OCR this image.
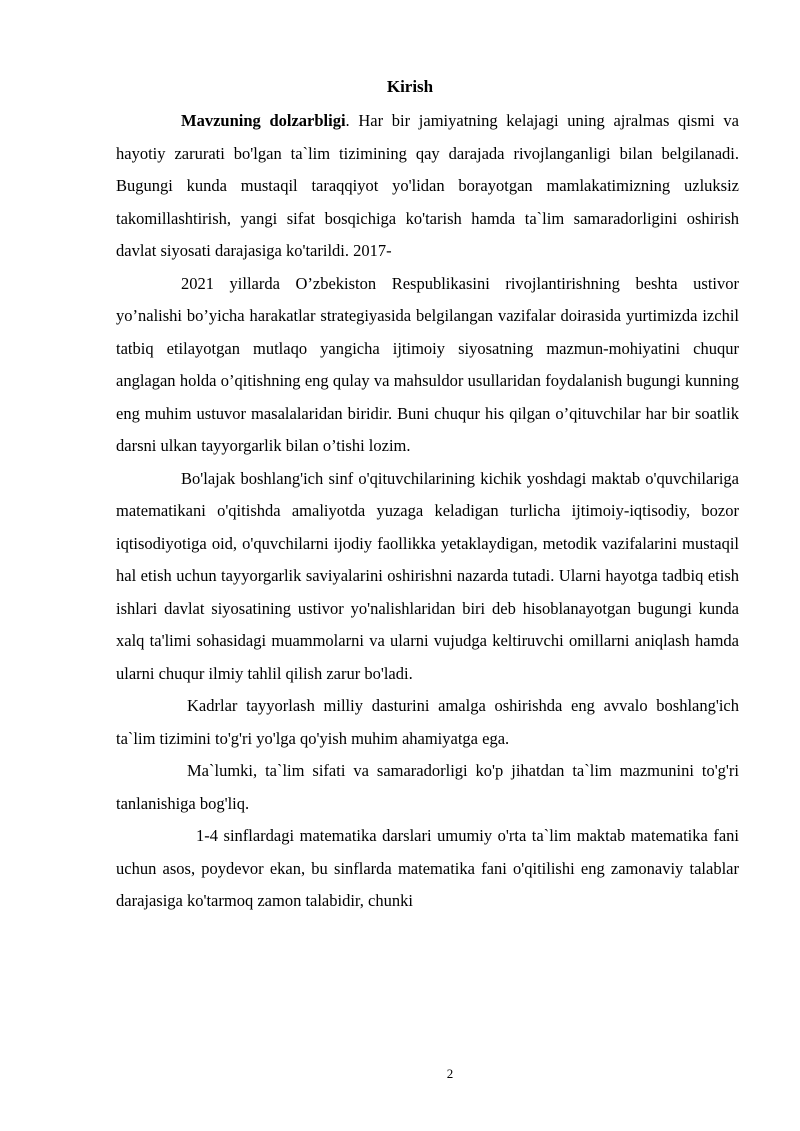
Kirish

Mavzuning dolzarbligi. Har bir jamiyatning kelajagi uning ajralmas qismi va hayotiy zarurati bo'lgan ta`lim tizimining qay darajada rivojlanganligi bilan belgilanadi. Bugungi kunda mustaqil taraqqiyot yo'lidan borayotgan mamlakatimizning uzluksiz takomillashtirish, yangi sifat bosqichiga ko'tarish hamda ta`lim samaradorligini oshirish davlat siyosati darajasiga ko'tarildi. 2017-

2021 yillarda O’zbekiston Respublikasini rivojlantirishning beshta ustivor yo’nalishi bo’yicha harakatlar strategiyasida belgilangan vazifalar doirasida yurtimizda izchil tatbiq etilayotgan mutlaqo yangicha ijtimoiy siyosatning mazmun-mohiyatini chuqur anglagan holda o’qitishning eng qulay va mahsuldor usullaridan foydalanish bugungi kunning eng muhim ustuvor masalalaridan biridir. Buni chuqur his qilgan o’qituvchilar har bir soatlik darsni ulkan tayyorgarlik bilan o’tishi lozim.

Bo'lajak boshlang'ich sinf o'qituvchilarining kichik yoshdagi maktab o'quvchilariga matematikani o'qitishda amaliyotda yuzaga keladigan turlicha ijtimoiy-iqtisodiy, bozor iqtisodiyotiga oid, o'quvchilarni ijodiy faollikka yetaklaydigan, metodik vazifalarini mustaqil hal etish uchun tayyorgarlik saviyalarini oshirishni nazarda tutadi. Ularni hayotga tadbiq etish ishlari davlat siyosatining ustivor yo'nalishlaridan biri deb hisoblanayotgan bugungi kunda xalq ta'limi sohasidagi muammolarni va ularni vujudga keltiruvchi omillarni aniqlash hamda ularni chuqur ilmiy tahlil qilish zarur bo'ladi.

Kadrlar tayyorlash milliy dasturini amalga oshirishda eng avvalo boshlang'ich ta`lim tizimini to'g'ri yo'lga qo'yish muhim ahamiyatga ega.

Ma`lumki, ta`lim sifati va samaradorligi ko'p jihatdan ta`lim mazmunini to'g'ri tanlanishiga bog'liq.

1-4 sinflardagi matematika darslari umumiy o'rta ta`lim maktab matematika fani uchun asos, poydevor ekan, bu sinflarda matematika fani o'qitilishi eng zamonaviy talablar darajasiga ko'tarmoq zamon talabidir, chunki

2
